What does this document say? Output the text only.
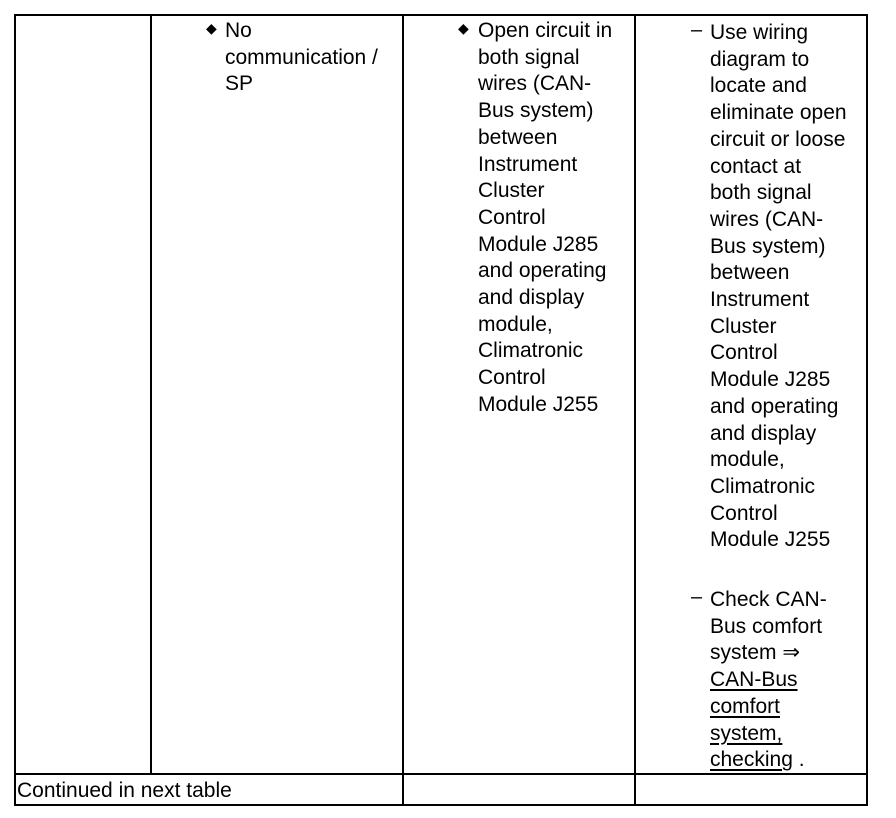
◆ No
communication /
SP
◆ Open circuit in
both signal
wires (CAN-
Bus system)
between
Instrument
Cluster
Control
Module J285
and operating
and display
module,
Climatronic
Control
Module J255
– Use wiring
diagram to
locate and
eliminate open
circuit or loose
contact at
both signal
wires (CAN-
Bus system)
between
Instrument
Cluster
Control
Module J285
and operating
and display
module,
Climatronic
Control
Module J255
– Check CAN-
Bus comfort
system ⇒
CAN-Bus
comfort
system,
checking .
Continued in next table
